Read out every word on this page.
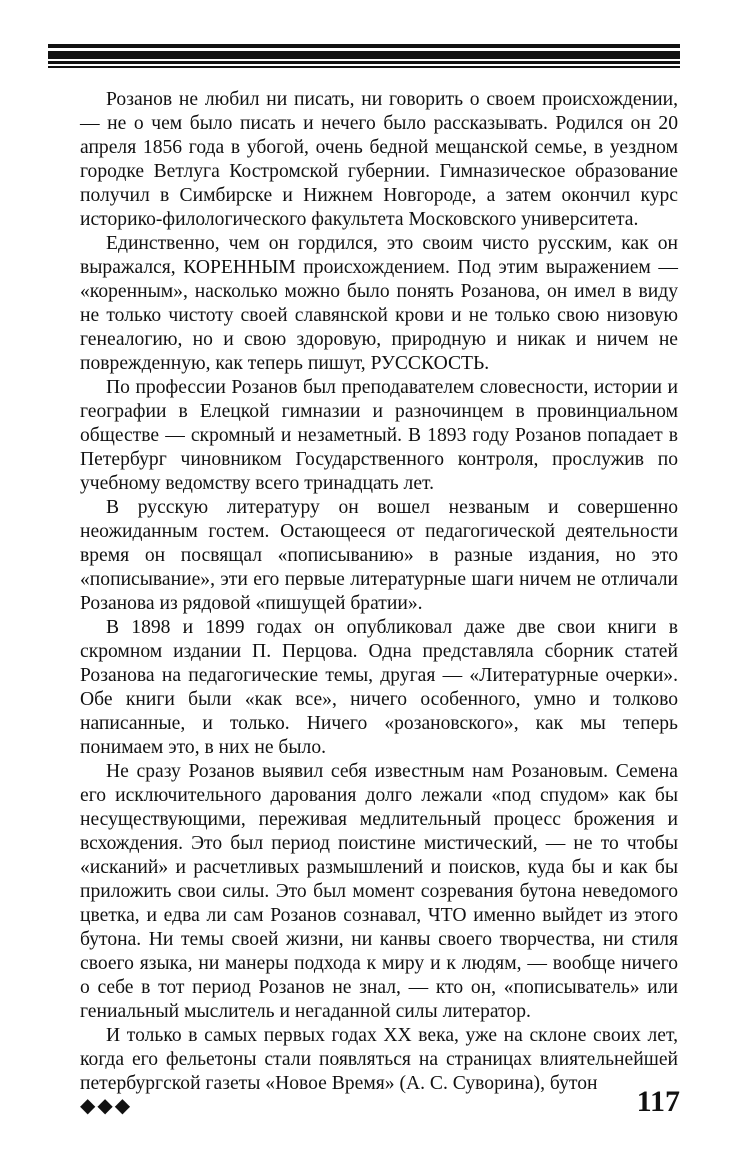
Розанов не любил ни писать, ни говорить о своем происхождении, — не о чем было писать и нечего было рассказывать. Родился он 20 апреля 1856 года в убогой, очень бедной мещанской семье, в уездном городке Ветлуга Костромской губернии. Гимназическое образование получил в Симбирске и Нижнем Новгороде, а затем окончил курс историко-филологического факультета Московского университета.

Единственно, чем он гордился, это своим чисто русским, как он выражался, КОРЕННЫМ происхождением. Под этим выражением — «коренным», насколько можно было понять Розанова, он имел в виду не только чистоту своей славянской крови и не только свою низовую генеалогию, но и свою здоровую, природную и никак и ничем не поврежденную, как теперь пишут, РУССКОСТЬ.

По профессии Розанов был преподавателем словесности, истории и географии в Елецкой гимназии и разночинцем в провинциальном обществе — скромный и незаметный. В 1893 году Розанов попадает в Петербург чиновником Государственного контроля, прослужив по учебному ведомству всего тринадцать лет.

В русскую литературу он вошел незваным и совершенно неожиданным гостем. Остающееся от педагогической деятельности время он посвящал «пописыванию» в разные издания, но это «пописывание», эти его первые литературные шаги ничем не отличали Розанова из рядовой «пишущей братии».

В 1898 и 1899 годах он опубликовал даже две свои книги в скромном издании П. Перцова. Одна представляла сборник статей Розанова на педагогические темы, другая — «Литературные очерки». Обе книги были «как все», ничего особенного, умно и толково написанные, и только. Ничего «розановского», как мы теперь понимаем это, в них не было.

Не сразу Розанов выявил себя известным нам Розановым. Семена его исключительного дарования долго лежали «под спудом» как бы несуществующими, переживая медлительный процесс брожения и всхождения. Это был период поистине мистический, — не то чтобы «исканий» и расчетливых размышлений и поисков, куда бы и как бы приложить свои силы. Это был момент созревания бутона неведомого цветка, и едва ли сам Розанов сознавал, ЧТО именно выйдет из этого бутона. Ни темы своей жизни, ни канвы своего творчества, ни стиля своего языка, ни манеры подхода к миру и к людям, — вообще ничего о себе в тот период Розанов не знал, — кто он, «пописыватель» или гениальный мыслитель и негаданной силы литератор.

И только в самых первых годах XX века, уже на склоне своих лет, когда его фельетоны стали появляться на страницах влиятельнейшей петербургской газеты «Новое Время» (А. С. Суворина), бутон

◆◆◆	117
